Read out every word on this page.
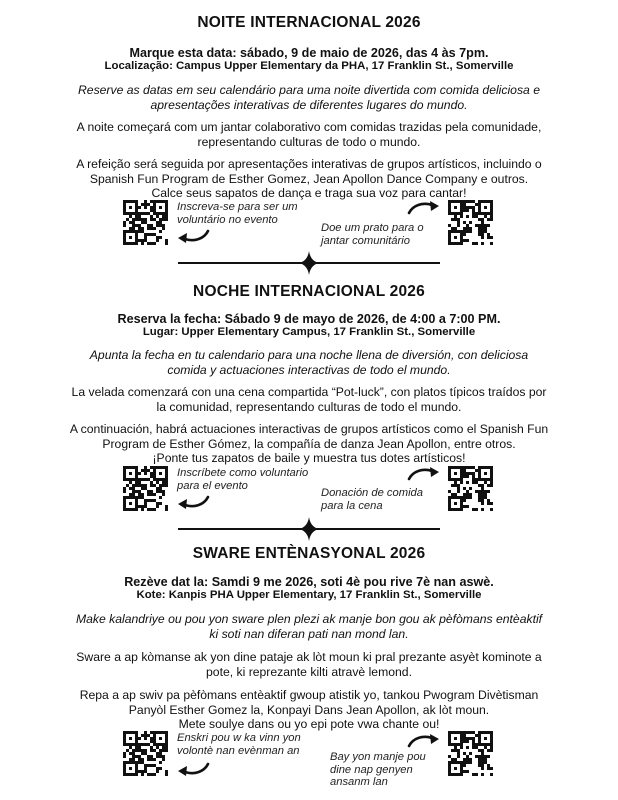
NOITE INTERNACIONAL 2026

Marque esta data: sábado, 9 de maio de 2026, das 4 às 7pm.

Localização: Campus Upper Elementary da PHA, 17 Franklin St., Somerville

Reserve as datas em seu calendário para uma noite divertida com comida deliciosa e
apresentações interativas de diferentes lugares do mundo.

A noite começará com um jantar colaborativo com comidas trazidas pela comunidade,
representando culturas de todo o mundo.

A refeição será seguida por apresentações interativas de grupos artísticos, incluindo o
Spanish Fun Program de Esther Gomez, Jean Apollon Dance Company e outros.
Calce seus sapatos de dança e traga sua voz para cantar!

Inscreva-se para ser um
voluntário no evento
Doe um prato para o
jantar comunitário
NOCHE INTERNACIONAL 2026

Reserva la fecha: Sábado 9 de mayo de 2026, de 4:00 a 7:00 PM.

Lugar: Upper Elementary Campus, 17 Franklin St., Somerville

Apunta la fecha en tu calendario para una noche llena de diversión, con deliciosa
comida y actuaciones interactivas de todo el mundo.

La velada comenzará con una cena compartida “Pot-luck”, con platos típicos traídos por
la comunidad, representando culturas de todo el mundo.

A continuación, habrá actuaciones interactivas de grupos artísticos como el Spanish Fun
Program de Esther Gómez, la compañía de danza Jean Apollon, entre otros.
¡Ponte tus zapatos de baile y muestra tus dotes artísticos!

Inscríbete como voluntario
para el evento
Donación de comida
para la cena
SWARE ENTÈNASYONAL 2026

Rezève dat la: Samdi 9 me 2026, soti 4è pou rive 7è nan aswè.

Kote: Kanpis PHA Upper Elementary, 17 Franklin St., Somerville

Make kalandriye ou pou yon sware plen plezi ak manje bon gou ak pèfòmans entèaktif
ki soti nan diferan pati nan mond lan.

Sware a ap kòmanse ak yon dine pataje ak lòt moun ki pral prezante asyèt kominote a
pote, ki reprezante kilti atravè lemond.

Repa a ap swiv pa pèfòmans entèaktif gwoup atistik yo, tankou Pwogram Divètisman
Panyòl Esther Gomez la, Konpayi Dans Jean Apollon, ak lòt moun.
Mete soulye dans ou yo epi pote vwa chante ou!

Enskri pou w ka vinn yon
volontè nan evènman an
Bay yon manje pou
dine nap genyen
ansanm lan
